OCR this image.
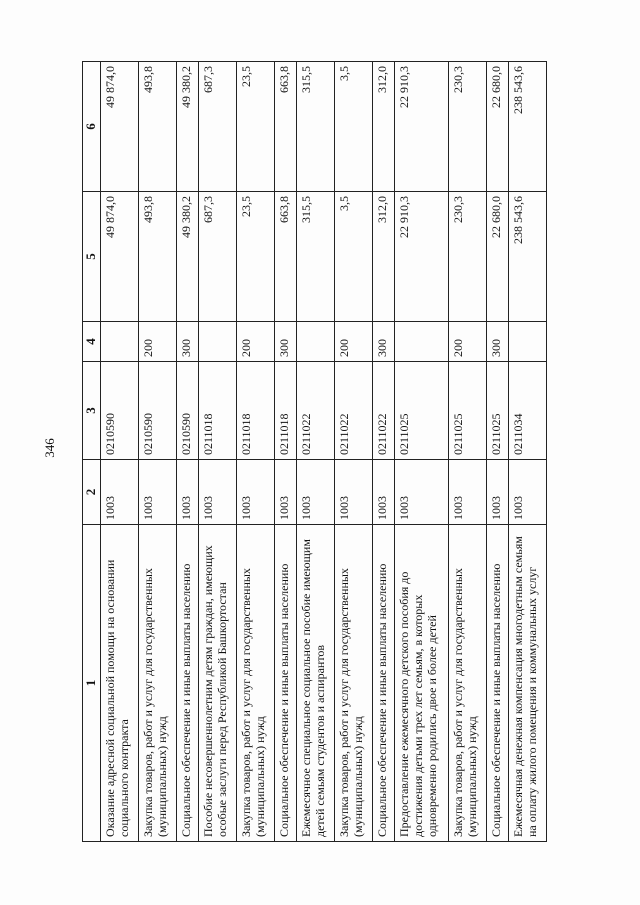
346
1	2	3	4	5	6
Оказание адресной социальной помощи на основании социального контракта	1003	0210590		49 874,0	49 874,0
Закупка товаров, работ и услуг для государственных (муниципальных) нужд	1003	0210590	200	493,8	493,8
Социальное обеспечение и иные выплаты населению	1003	0210590	300	49 380,2	49 380,2
Пособие несовершеннолетним детям граждан, имеющих особые заслуги перед Республикой Башкортостан	1003	0211018		687,3	687,3
Закупка товаров, работ и услуг для государственных (муниципальных) нужд	1003	0211018	200	23,5	23,5
Социальное обеспечение и иные выплаты населению	1003	0211018	300	663,8	663,8
Ежемесячное специальное социальное пособие имеющим детей семьям студентов и аспирантов	1003	0211022		315,5	315,5
Закупка товаров, работ и услуг для государственных (муниципальных) нужд	1003	0211022	200	3,5	3,5
Социальное обеспечение и иные выплаты населению	1003	0211022	300	312,0	312,0
Предоставление ежемесячного детского пособия до достижения детьми трех лет семьям, в которых одновременно родились двое и более детей	1003	0211025		22 910,3	22 910,3
Закупка товаров, работ и услуг для государственных (муниципальных) нужд	1003	0211025	200	230,3	230,3
Социальное обеспечение и иные выплаты населению	1003	0211025	300	22 680,0	22 680,0
Ежемесячная денежная компенсация многодетным семьям на оплату жилого помещения и коммунальных услуг	1003	0211034		238 543,6	238 543,6
